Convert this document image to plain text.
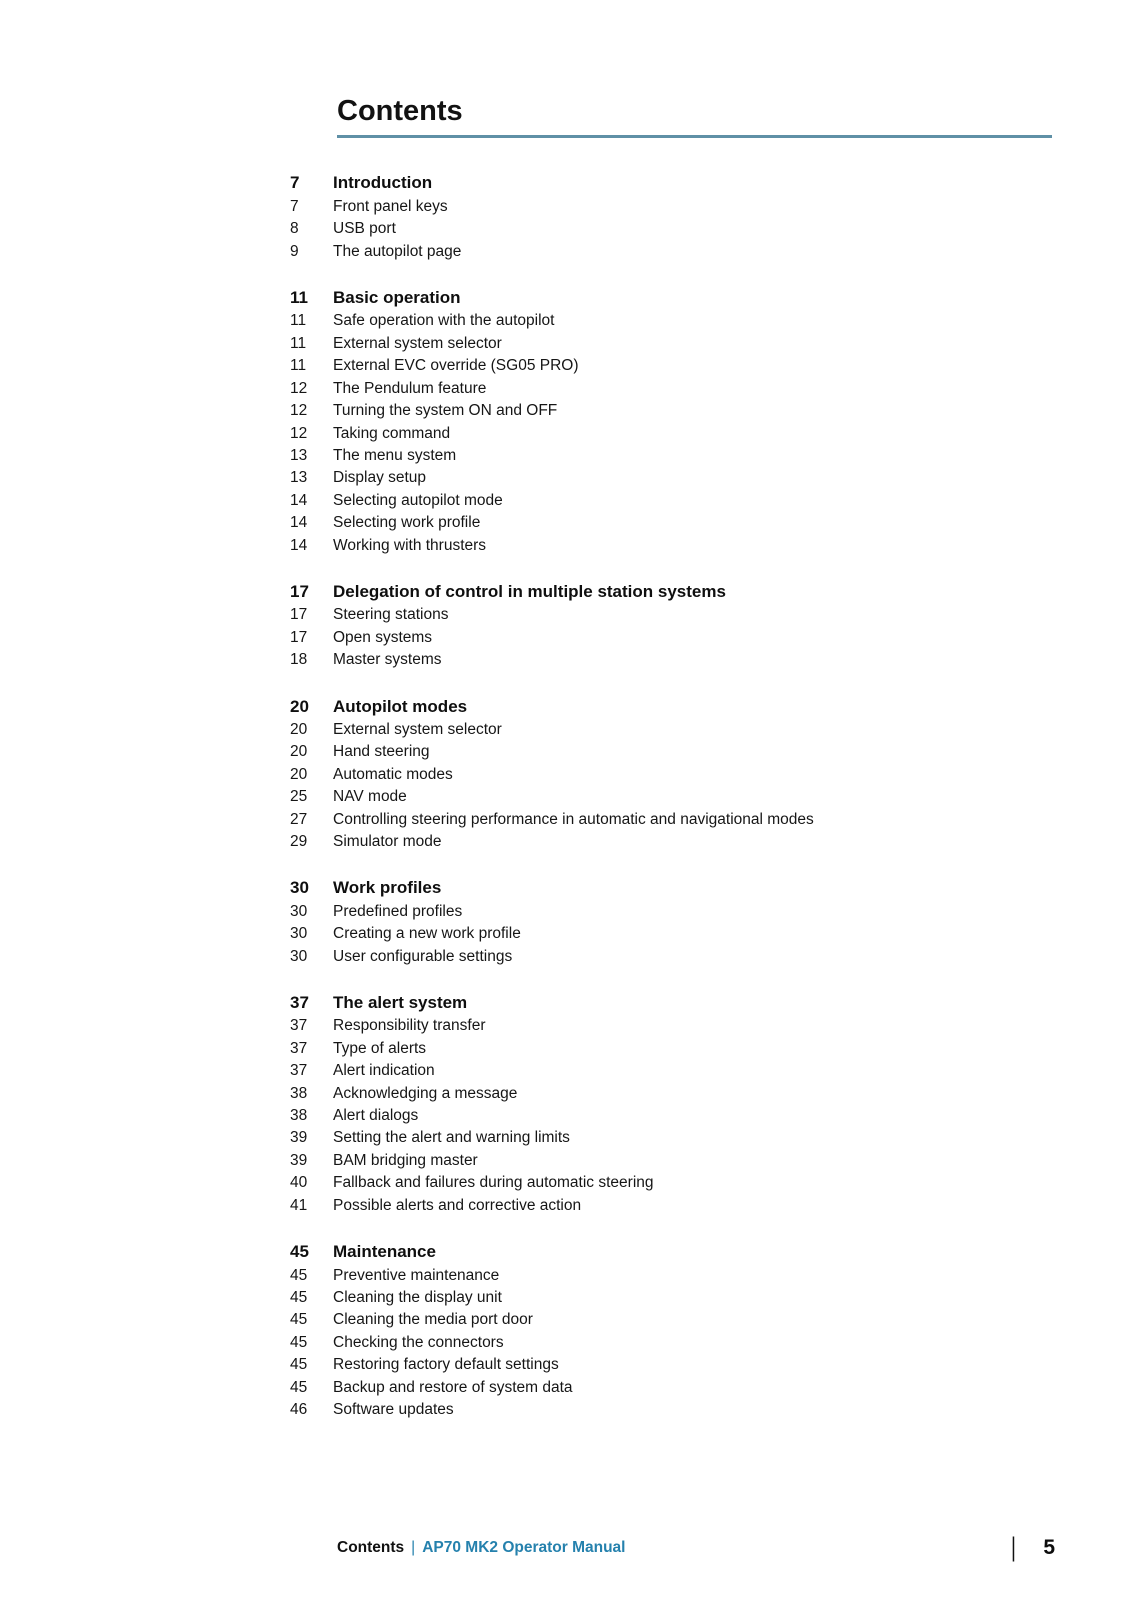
Contents
7	Introduction
7	Front panel keys
8	USB port
9	The autopilot page
11	Basic operation
11	Safe operation with the autopilot
11	External system selector
11	External EVC override (SG05 PRO)
12	The Pendulum feature
12	Turning the system ON and OFF
12	Taking command
13	The menu system
13	Display setup
14	Selecting autopilot mode
14	Selecting work profile
14	Working with thrusters
17	Delegation of control in multiple station systems
17	Steering stations
17	Open systems
18	Master systems
20	Autopilot modes
20	External system selector
20	Hand steering
20	Automatic modes
25	NAV mode
27	Controlling steering performance in automatic and navigational modes
29	Simulator mode
30	Work profiles
30	Predefined profiles
30	Creating a new work profile
30	User configurable settings
37	The alert system
37	Responsibility transfer
37	Type of alerts
37	Alert indication
38	Acknowledging a message
38	Alert dialogs
39	Setting the alert and warning limits
39	BAM bridging master
40	Fallback and failures during automatic steering
41	Possible alerts and corrective action
45	Maintenance
45	Preventive maintenance
45	Cleaning the display unit
45	Cleaning the media port door
45	Checking the connectors
45	Restoring factory default settings
45	Backup and restore of system data
46	Software updates
Contents | AP70 MK2 Operator Manual	| 5
